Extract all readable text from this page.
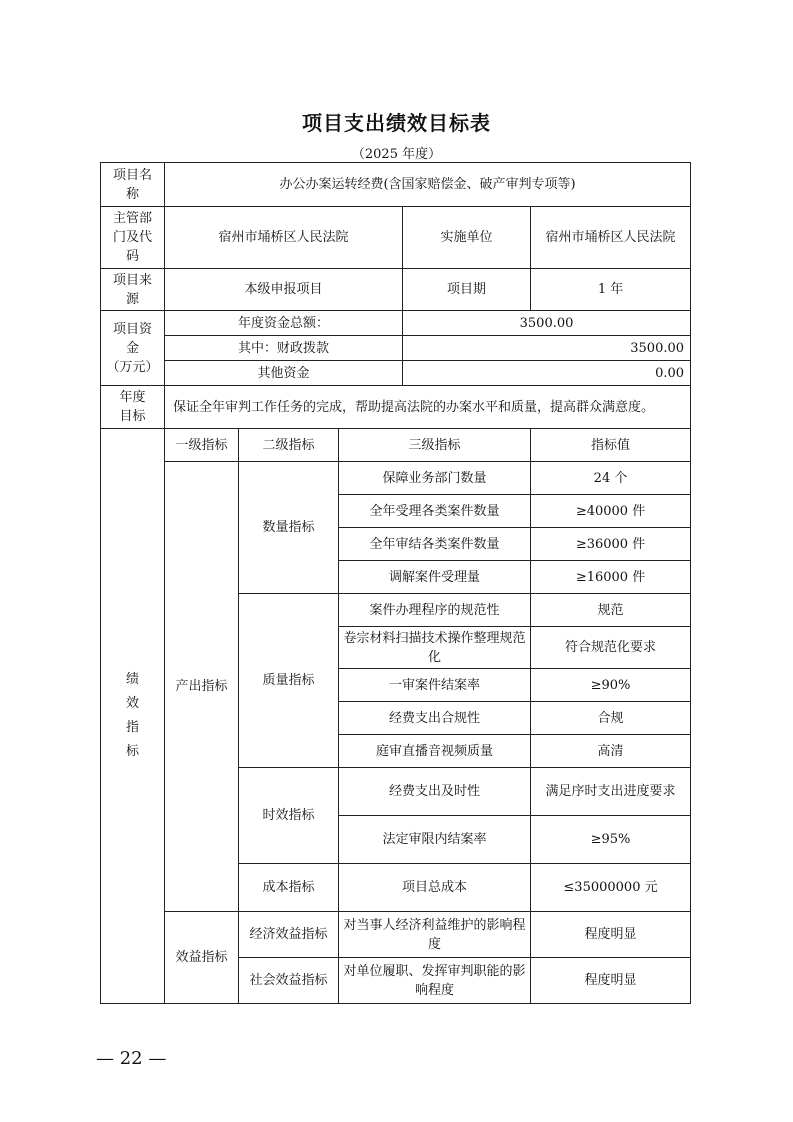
项目支出绩效目标表
（2025 年度）
项目名
称	办公办案运转经费(含国家赔偿金、破产审判专项等)				
主管部
门及代
码	宿州市埇桥区人民法院			实施单位	宿州市埇桥区人民法院
项目来
源	本级申报项目			项目期	1 年
项目资
金
（万元）	年度资金总额：			3500.00	
	其中：财政拨款			3500.00	
	其他资金			0.00	
年度
目标	保证全年审判工作任务的完成，帮助提高法院的办案水平和质量，提高群众满意度。				
绩
效
指
标	一级指标	二级指标	三级指标		指标值
	产出指标	数量指标	保障业务部门数量		24 个
			全年受理各类案件数量		≥40000 件
			全年审结各类案件数量		≥36000 件
			调解案件受理量		≥16000 件
		质量指标	案件办理程序的规范性		规范
			卷宗材料扫描技术操作整理规范化		符合规范化要求
			一审案件结案率		≥90%
			经费支出合规性		合规
			庭审直播音视频质量		高清
		时效指标	经费支出及时性		满足序时支出进度要求
			法定审限内结案率		≥95%
		成本指标	项目总成本		≤35000000 元
	效益指标	经济效益指标	对当事人经济利益维护的影响程度		程度明显
		社会效益指标	对单位履职、发挥审判职能的影响程度		程度明显
— 22 —
